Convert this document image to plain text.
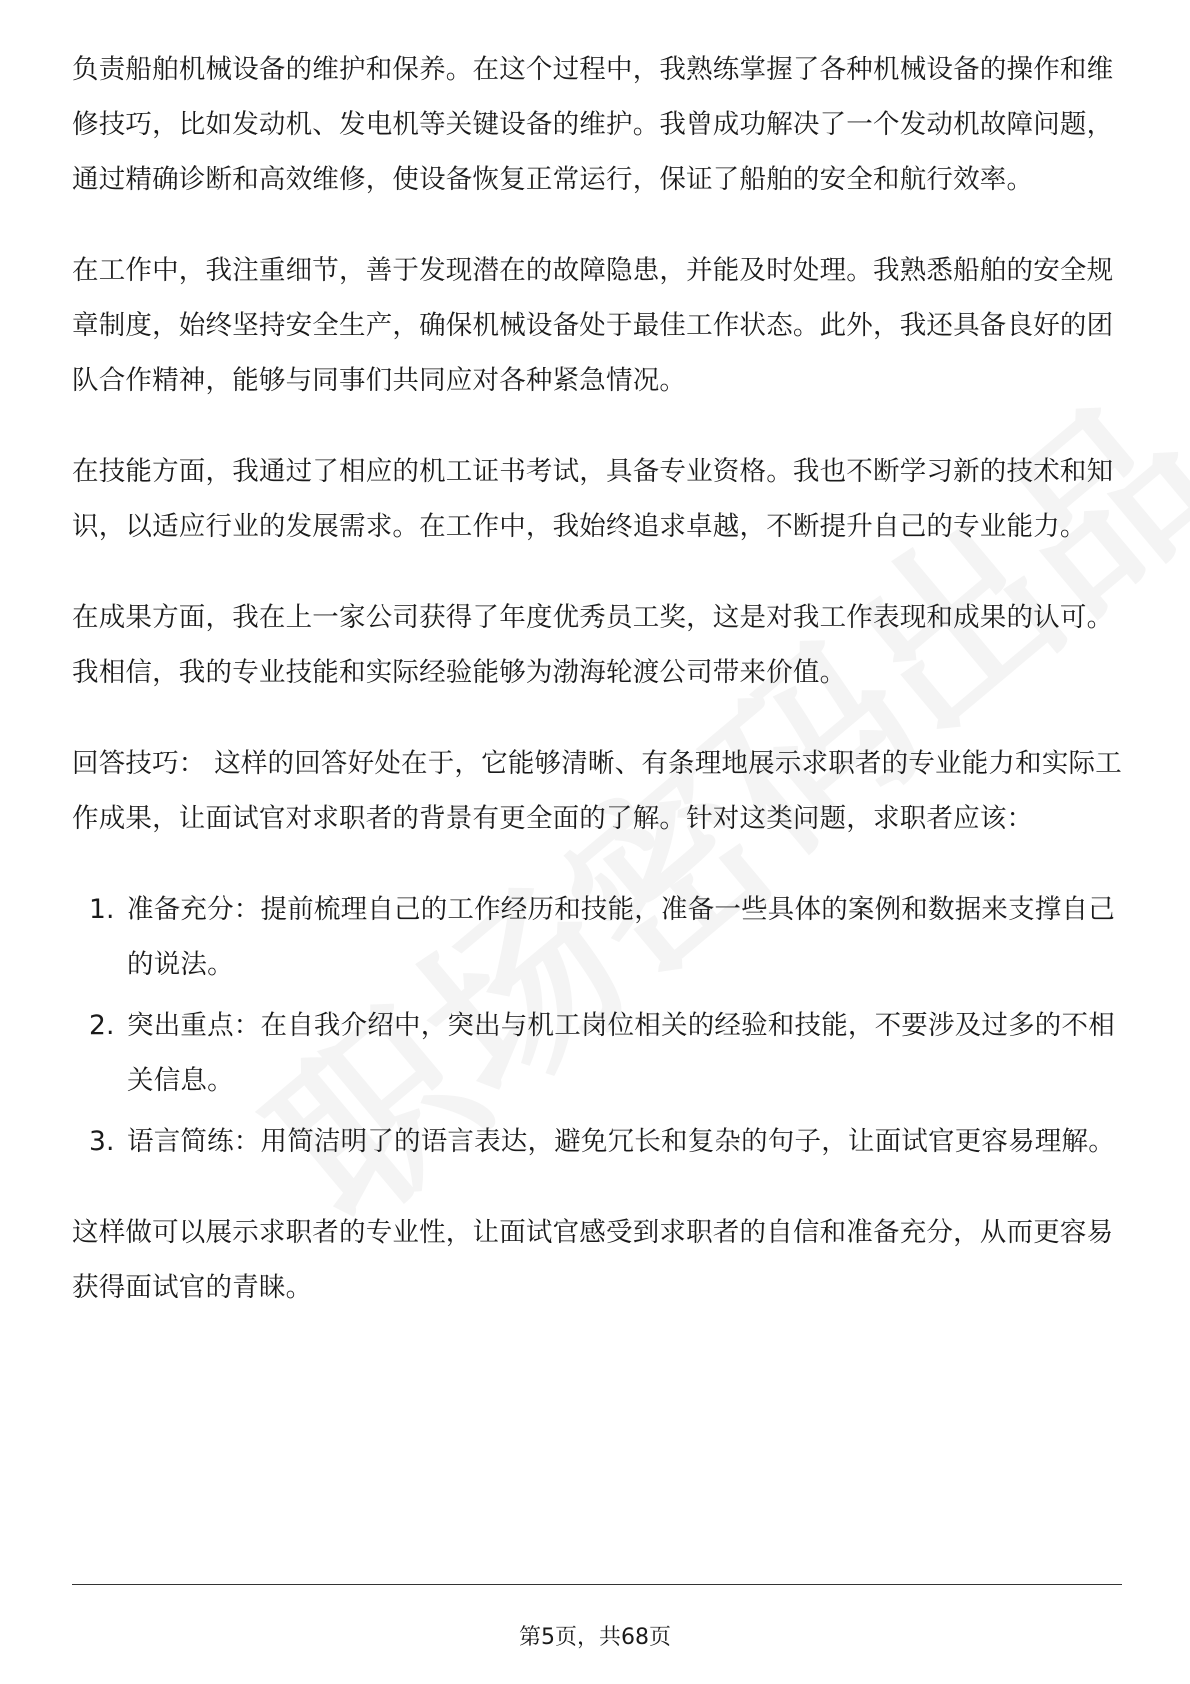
负责船舶机械设备的维护和保养。在这个过程中，我熟练掌握了各种机械设备的操作和维修技巧，比如发动机、发电机等关键设备的维护。我曾成功解决了一个发动机故障问题，通过精确诊断和高效维修，使设备恢复正常运行，保证了船舶的安全和航行效率。

在工作中，我注重细节，善于发现潜在的故障隐患，并能及时处理。我熟悉船舶的安全规章制度，始终坚持安全生产，确保机械设备处于最佳工作状态。此外，我还具备良好的团队合作精神，能够与同事们共同应对各种紧急情况。

在技能方面，我通过了相应的机工证书考试，具备专业资格。我也不断学习新的技术和知识，以适应行业的发展需求。在工作中，我始终追求卓越，不断提升自己的专业能力。

在成果方面，我在上一家公司获得了年度优秀员工奖，这是对我工作表现和成果的认可。我相信，我的专业技能和实际经验能够为渤海轮渡公司带来价值。

回答技巧： 这样的回答好处在于，它能够清晰、有条理地展示求职者的专业能力和实际工作成果，让面试官对求职者的背景有更全面的了解。针对这类问题，求职者应该：

1. 准备充分：提前梳理自己的工作经历和技能，准备一些具体的案例和数据来支撑自己的说法。
2. 突出重点：在自我介绍中，突出与机工岗位相关的经验和技能，不要涉及过多的不相关信息。
3. 语言简练：用简洁明了的语言表达，避免冗长和复杂的句子，让面试官更容易理解。

这样做可以展示求职者的专业性，让面试官感受到求职者的自信和准备充分，从而更容易获得面试官的青睐。

第5页，共68页
